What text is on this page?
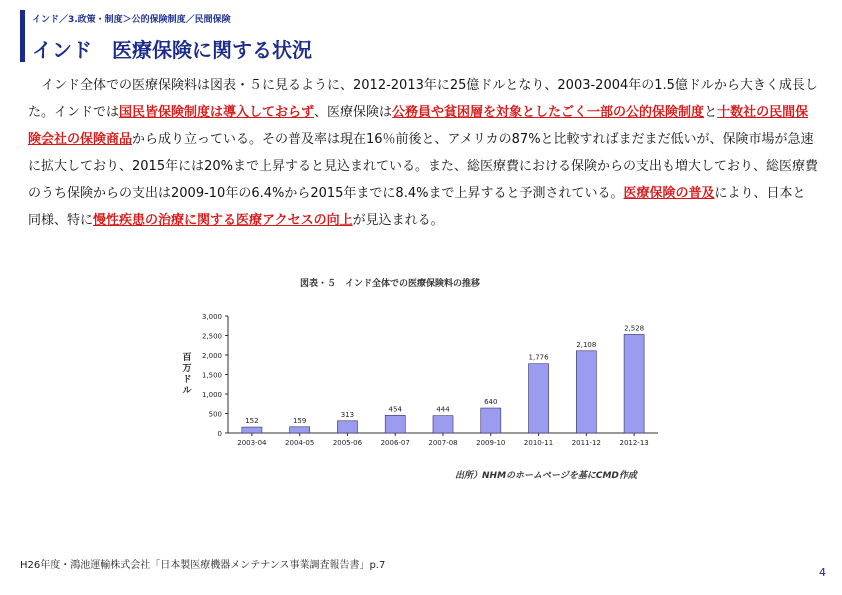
インド／3.政策・制度＞公的保険制度／民間保険
インド　医療保険に関する状況
インド全体での医療保険料は図表・５に見るように、2012-2013年に25億ドルとなり、2003-2004年の1.5億ドルから大きく成長した。インドでは国民皆保険制度は導入しておらず、医療保険は公務員や貧困層を対象としたごく一部の公的保険制度と十数社の民間保険会社の保険商品から成り立っている。その普及率は現在16％前後と、アメリカの87%と比較すればまだまだ低いが、保険市場が急速に拡大しており、2015年には20%まで上昇すると見込まれている。また、総医療費における保険からの支出も増大しており、総医療費のうち保険からの支出は2009-10年の6.4%から2015年までに8.4%まで上昇すると予測されている。医療保険の普及により、日本と同様、特に慢性疾患の治療に関する医療アクセスの向上が見込まれる。
図表・５　インド全体での医療保険料の推移
0
500
1,000
1,500
2,000
2,500
3,000
百
万
ド
ル
152
2003-04
159
2004-05
313
2005-06
454
2006-07
444
2007-08
640
2009-10
1,776
2010-11
2,108
2011-12
2,528
2012-13
出所）NHMのホームページを基にCMD作成
H26年度・鴻池運輸株式会社「日本製医療機器メンテナンス事業調査報告書」p.7
4
